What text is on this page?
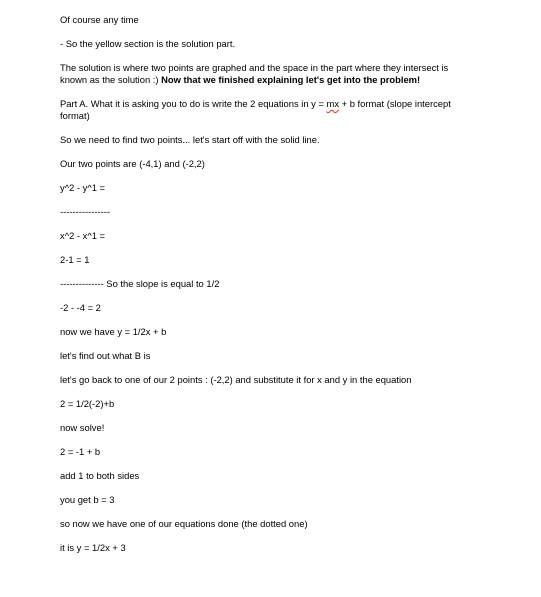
Of course any time

- So the yellow section is the solution part.

The solution is where two points are graphed and the space in the part where they intersect is known as the solution :) Now that we finished explaining let's get into the problem!

Part A. What it is asking you to do is write the 2 equations in y = mx + b format (slope intercept format)

So we need to find two points... let's start off with the solid line.

Our two points are (-4,1) and (-2,2)

y^2 - y^1 =

----------------

x^2 - x^1 =

2-1 = 1

-------------- So the slope is equal to 1/2

-2 - -4 = 2

now we have y = 1/2x + b

let's find out what B is

let's go back to one of our 2 points : (-2,2) and substitute it for x and y in the equation

2 = 1/2(-2)+b

now solve!

2 = -1 + b

add 1 to both sides

you get b = 3

so now we have one of our equations done (the dotted one)

it is y = 1/2x + 3
